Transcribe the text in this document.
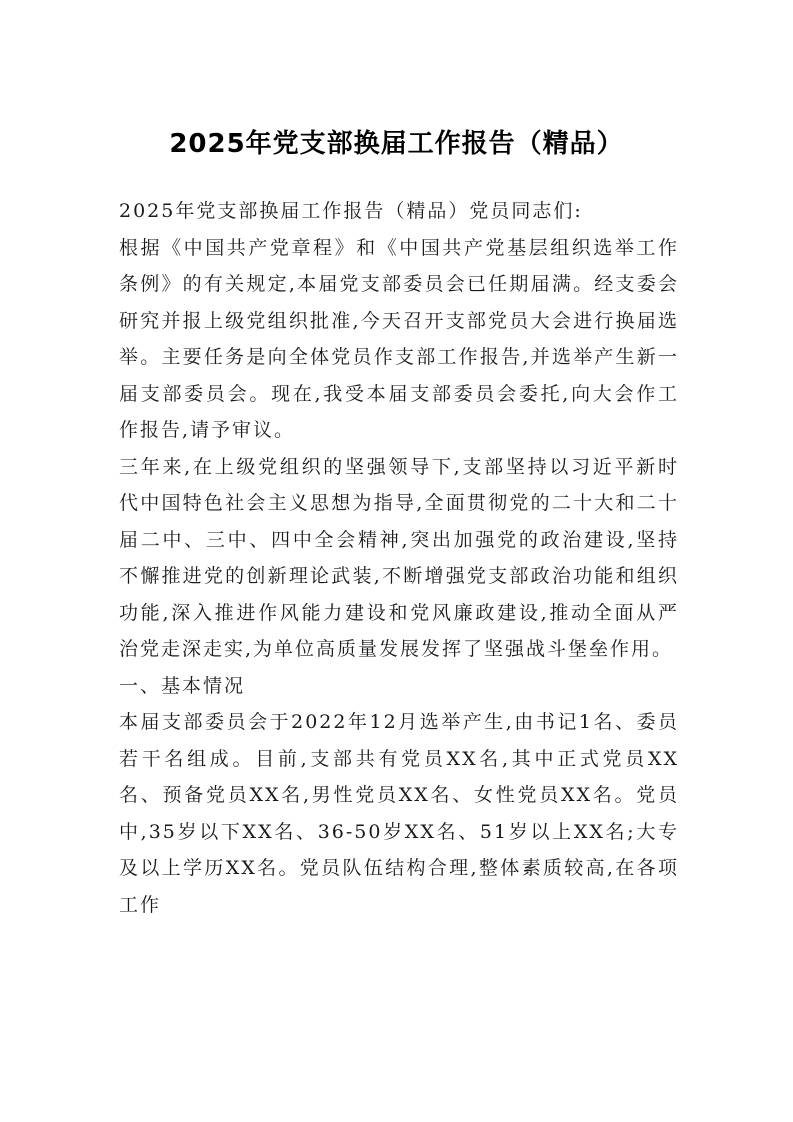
2025年党支部换届工作报告（精品）

2025年党支部换届工作报告（精品）党员同志们:

根据《中国共产党章程》和《中国共产党基层组织选举工作条例》的有关规定,本届党支部委员会已任期届满。经支委会研究并报上级党组织批准,今天召开支部党员大会进行换届选举。主要任务是向全体党员作支部工作报告,并选举产生新一届支部委员会。现在,我受本届支部委员会委托,向大会作工作报告,请予审议。

三年来,在上级党组织的坚强领导下,支部坚持以习近平新时代中国特色社会主义思想为指导,全面贯彻党的二十大和二十届二中、三中、四中全会精神,突出加强党的政治建设,坚持不懈推进党的创新理论武装,不断增强党支部政治功能和组织功能,深入推进作风能力建设和党风廉政建设,推动全面从严治党走深走实,为单位高质量发展发挥了坚强战斗堡垒作用。

一、基本情况

本届支部委员会于2022年12月选举产生,由书记1名、委员若干名组成。目前,支部共有党员XX名,其中正式党员XX名、预备党员XX名,男性党员XX名、女性党员XX名。党员中,35岁以下XX名、36-50岁XX名、51岁以上XX名;大专及以上学历XX名。党员队伍结构合理,整体素质较高,在各项工作
